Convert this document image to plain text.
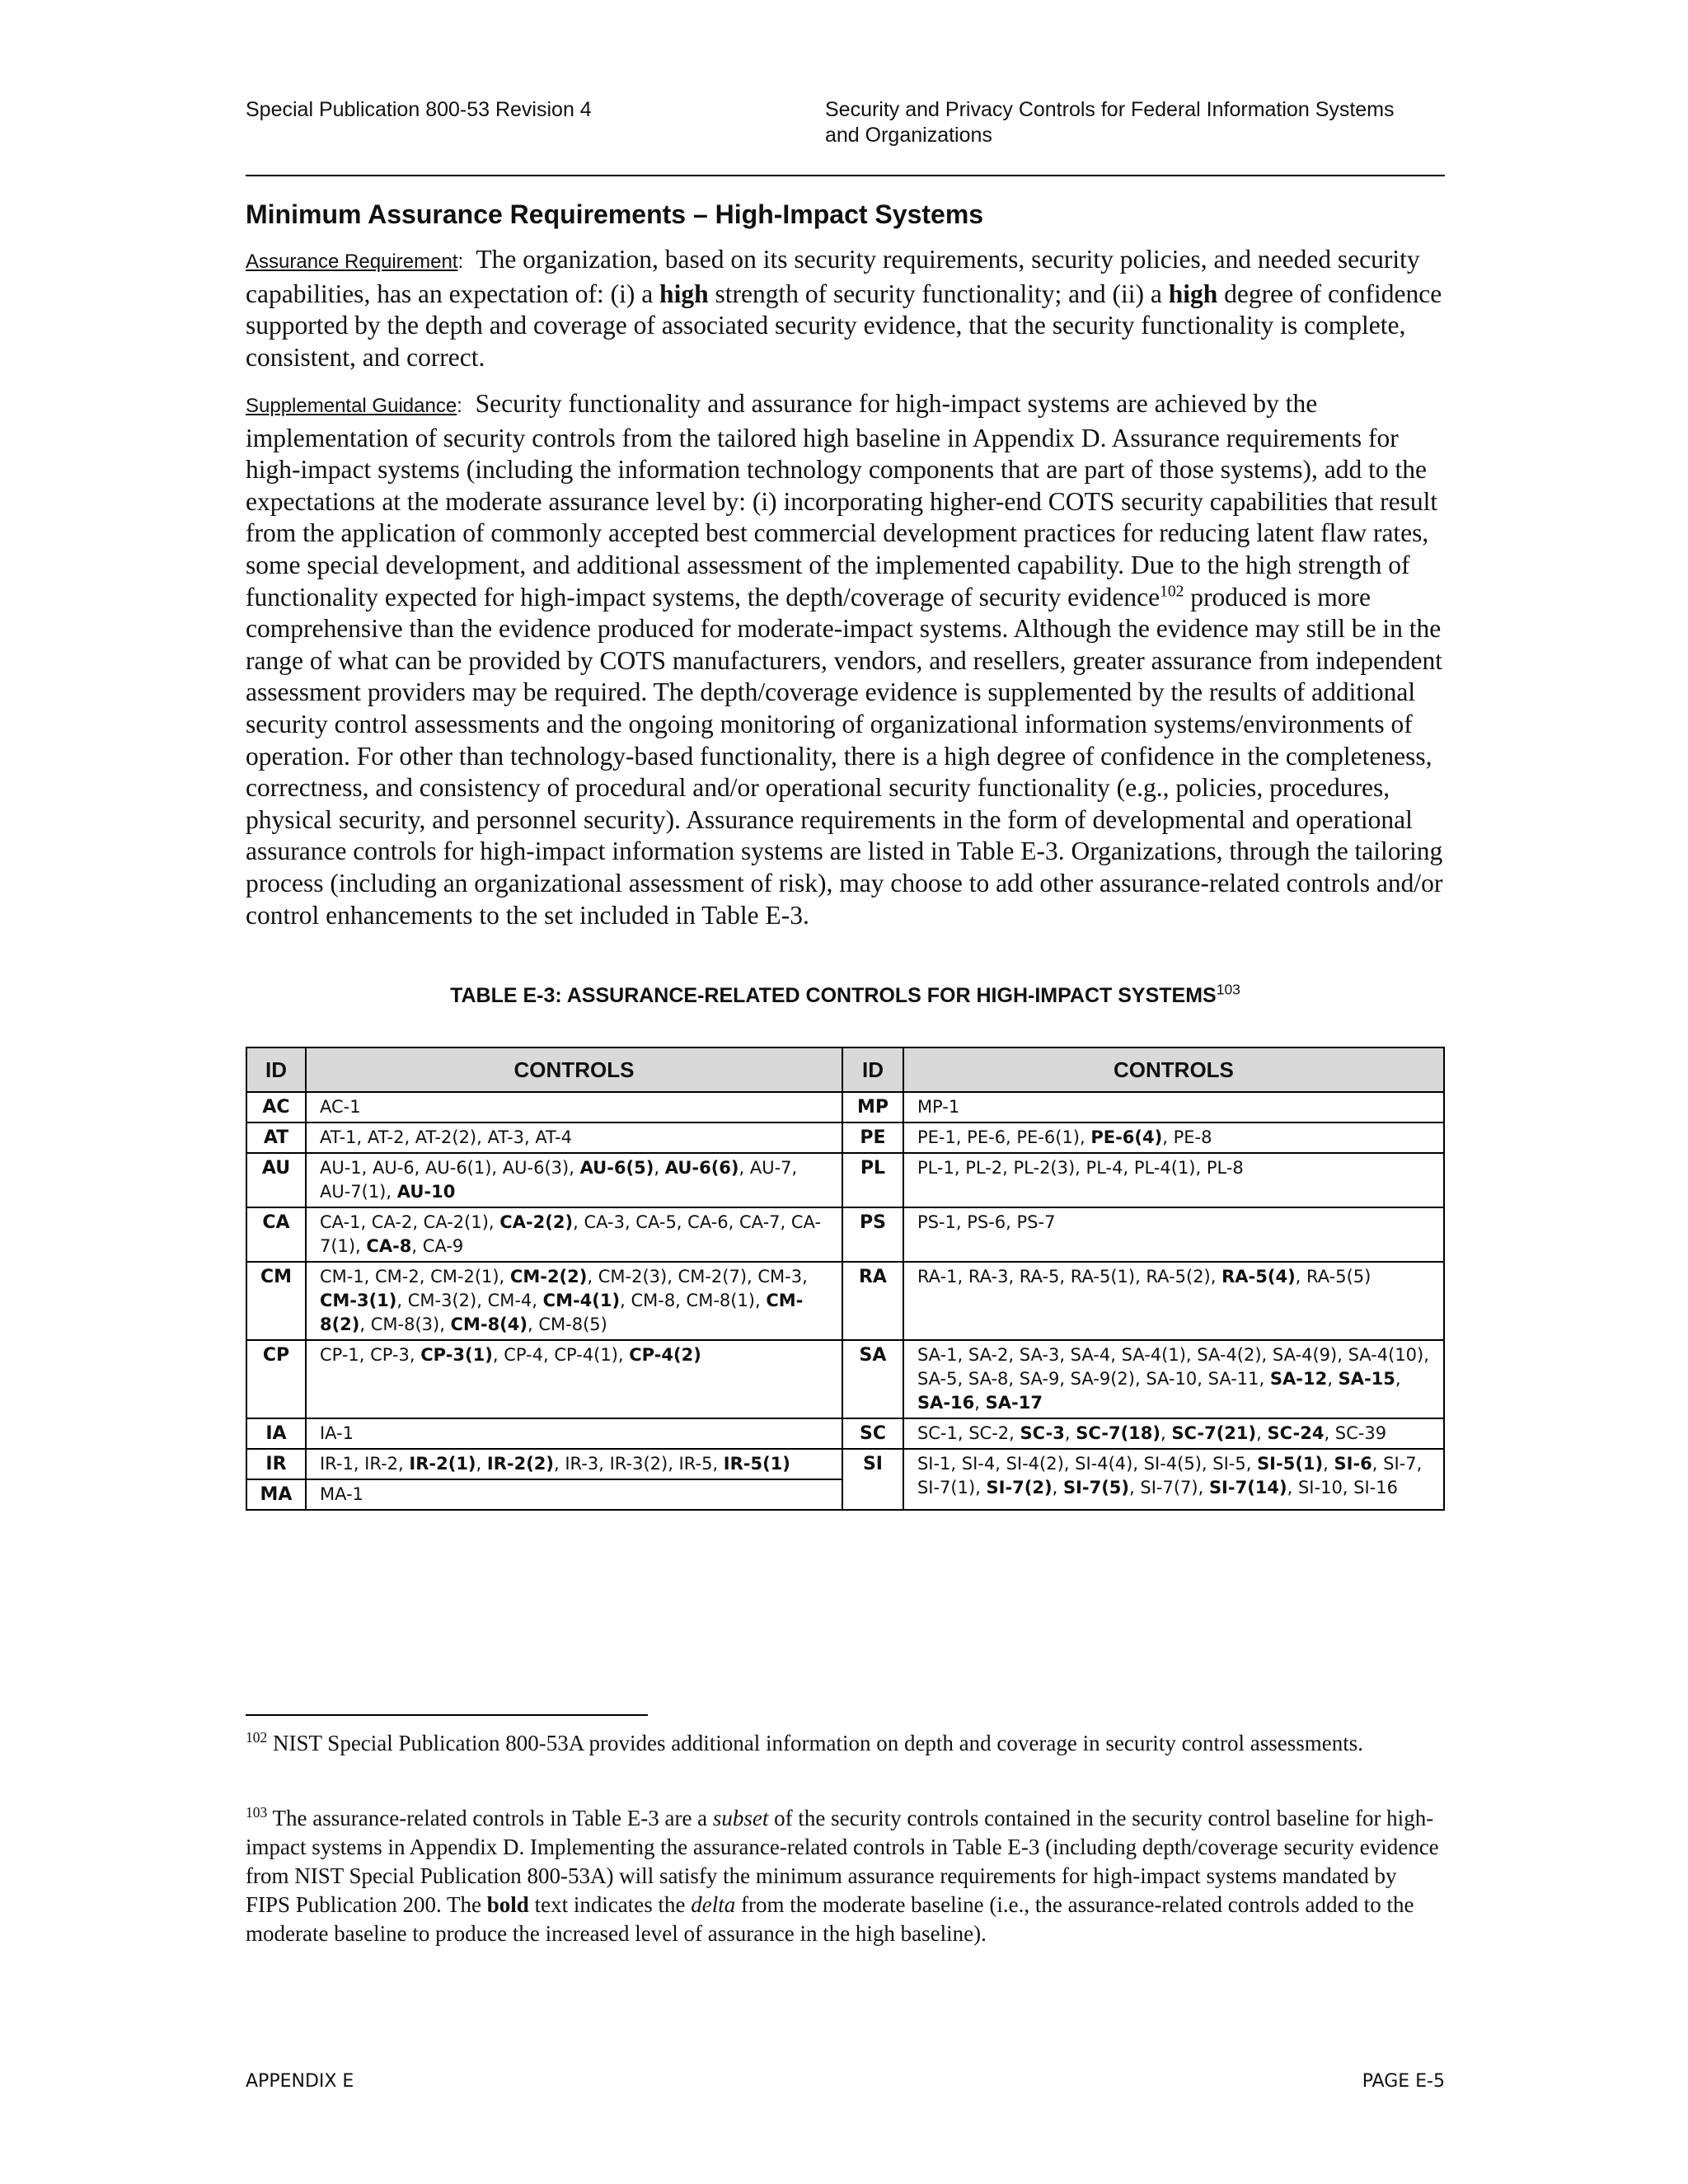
Special Publication 800-53 Revision 4	Security and Privacy Controls for Federal Information Systems
and Organizations
Minimum Assurance Requirements – High-Impact Systems

Assurance Requirement: The organization, based on its security requirements, security policies, and needed security capabilities, has an expectation of: (i) a high strength of security functionality; and (ii) a high degree of confidence supported by the depth and coverage of associated security evidence, that the security functionality is complete, consistent, and correct.

Supplemental Guidance: Security functionality and assurance for high-impact systems are achieved by the implementation of security controls from the tailored high baseline in Appendix D. Assurance requirements for high-impact systems (including the information technology components that are part of those systems), add to the expectations at the moderate assurance level by: (i) incorporating higher-end COTS security capabilities that result from the application of commonly accepted best commercial development practices for reducing latent flaw rates, some special development, and additional assessment of the implemented capability. Due to the high strength of functionality expected for high-impact systems, the depth/coverage of security evidence$^{102}$ produced is more comprehensive than the evidence produced for moderate-impact systems. Although the evidence may still be in the range of what can be provided by COTS manufacturers, vendors, and resellers, greater assurance from independent assessment providers may be required. The depth/coverage evidence is supplemented by the results of additional security control assessments and the ongoing monitoring of organizational information systems/environments of operation. For other than technology-based functionality, there is a high degree of confidence in the completeness, correctness, and consistency of procedural and/or operational security functionality (e.g., policies, procedures, physical security, and personnel security). Assurance requirements in the form of developmental and operational assurance controls for high-impact information systems are listed in Table E-3. Organizations, through the tailoring process (including an organizational assessment of risk), may choose to add other assurance-related controls and/or control enhancements to the set included in Table E-3.

TABLE E-3: ASSURANCE-RELATED CONTROLS FOR HIGH-IMPACT SYSTEMS$^{103}$
ID	CONTROLS	ID	CONTROLS
AC	AC-1	MP	MP-1
AT	AT-1, AT-2, AT-2(2), AT-3, AT-4	PE	PE-1, PE-6, PE-6(1), PE-6(4), PE-8
AU	AU-1, AU-6, AU-6(1), AU-6(3), AU-6(5), AU-6(6), AU-7, AU-7(1), AU-10	PL	PL-1, PL-2, PL-2(3), PL-4, PL-4(1), PL-8
CA	CA-1, CA-2, CA-2(1), CA-2(2), CA-3, CA-5, CA-6, CA-7, CA-7(1), CA-8, CA-9	PS	PS-1, PS-6, PS-7
CM	CM-1, CM-2, CM-2(1), CM-2(2), CM-2(3), CM-2(7), CM-3, CM-3(1), CM-3(2), CM-4, CM-4(1), CM-8, CM-8(1), CM-8(2), CM-8(3), CM-8(4), CM-8(5)	RA	RA-1, RA-3, RA-5, RA-5(1), RA-5(2), RA-5(4), RA-5(5)
CP	CP-1, CP-3, CP-3(1), CP-4, CP-4(1), CP-4(2)	SA	SA-1, SA-2, SA-3, SA-4, SA-4(1), SA-4(2), SA-4(9), SA-4(10), SA-5, SA-8, SA-9, SA-9(2), SA-10, SA-11, SA-12, SA-15, SA-16, SA-17
IA	IA-1	SC	SC-1, SC-2, SC-3, SC-7(18), SC-7(21), SC-24, SC-39
IR	IR-1, IR-2, IR-2(1), IR-2(2), IR-3, IR-3(2), IR-5, IR-5(1)	SI	SI-1, SI-4, SI-4(2), SI-4(4), SI-4(5), SI-5, SI-5(1), SI-6, SI-7, SI-7(1), SI-7(2), SI-7(5), SI-7(7), SI-7(14), SI-10, SI-16
MA	MA-1		

$^{102}$ NIST Special Publication 800-53A provides additional information on depth and coverage in security control assessments.

$^{103}$ The assurance-related controls in Table E-3 are a subset of the security controls contained in the security control baseline for high-impact systems in Appendix D. Implementing the assurance-related controls in Table E-3 (including depth/coverage security evidence from NIST Special Publication 800-53A) will satisfy the minimum assurance requirements for high-impact systems mandated by FIPS Publication 200. The bold text indicates the delta from the moderate baseline (i.e., the assurance-related controls added to the moderate baseline to produce the increased level of assurance in the high baseline).

APPENDIX E	PAGE E-5
